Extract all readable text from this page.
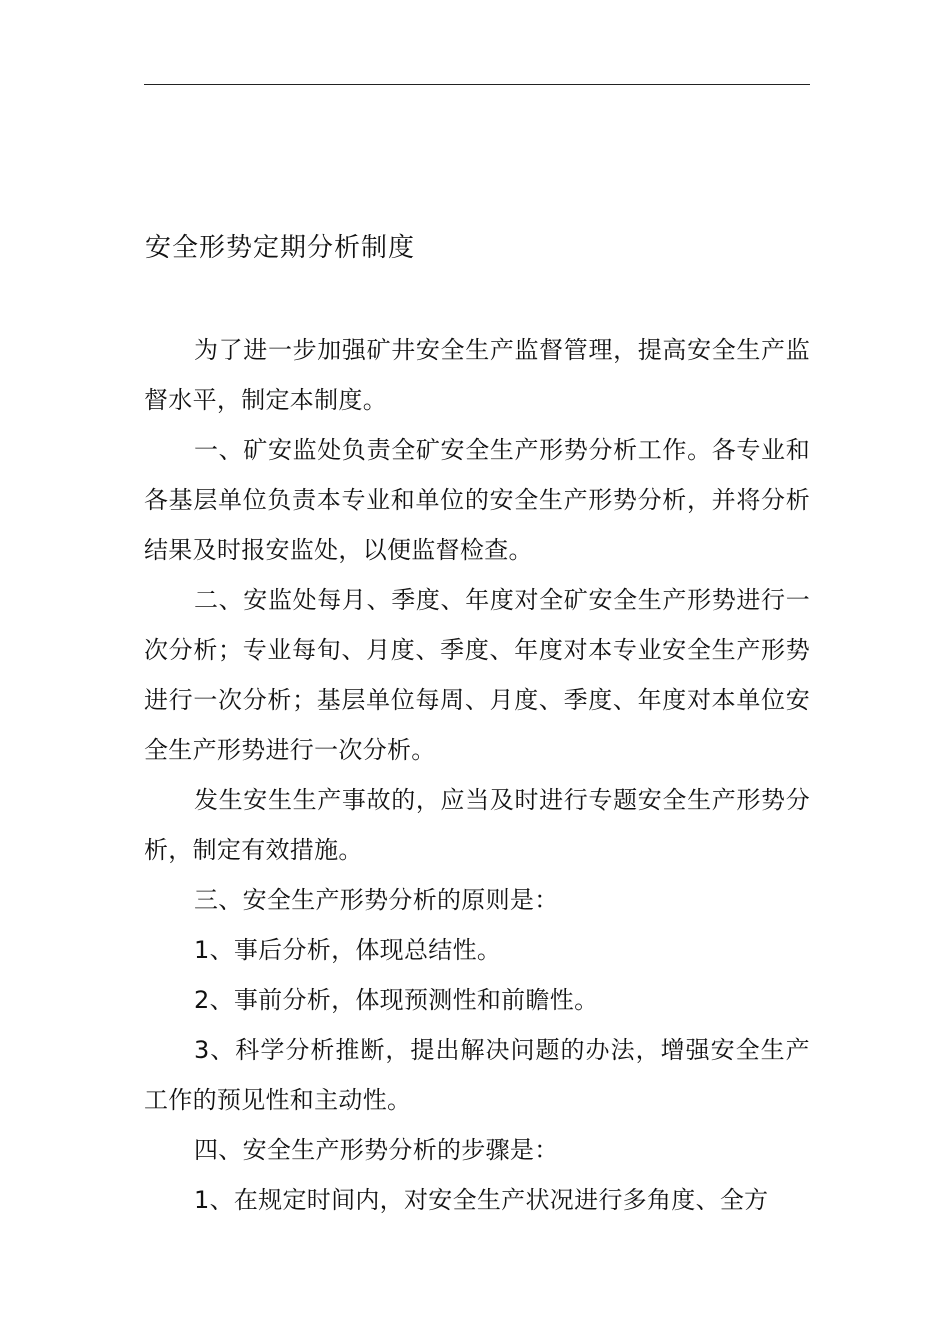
安全形势定期分析制度

为了进一步加强矿井安全生产监督管理，提高安全生产监督水平，制定本制度。

一、矿安监处负责全矿安全生产形势分析工作。各专业和各基层单位负责本专业和单位的安全生产形势分析，并将分析结果及时报安监处，以便监督检查。

二、安监处每月、季度、年度对全矿安全生产形势进行一次分析；专业每旬、月度、季度、年度对本专业安全生产形势进行一次分析；基层单位每周、月度、季度、年度对本单位安全生产形势进行一次分析。

发生安生生产事故的，应当及时进行专题安全生产形势分析，制定有效措施。

三、安全生产形势分析的原则是：

1、事后分析，体现总结性。

2、事前分析，体现预测性和前瞻性。

3、科学分析推断，提出解决问题的办法，增强安全生产工作的预见性和主动性。

四、安全生产形势分析的步骤是：

1、在规定时间内，对安全生产状况进行多角度、全方
